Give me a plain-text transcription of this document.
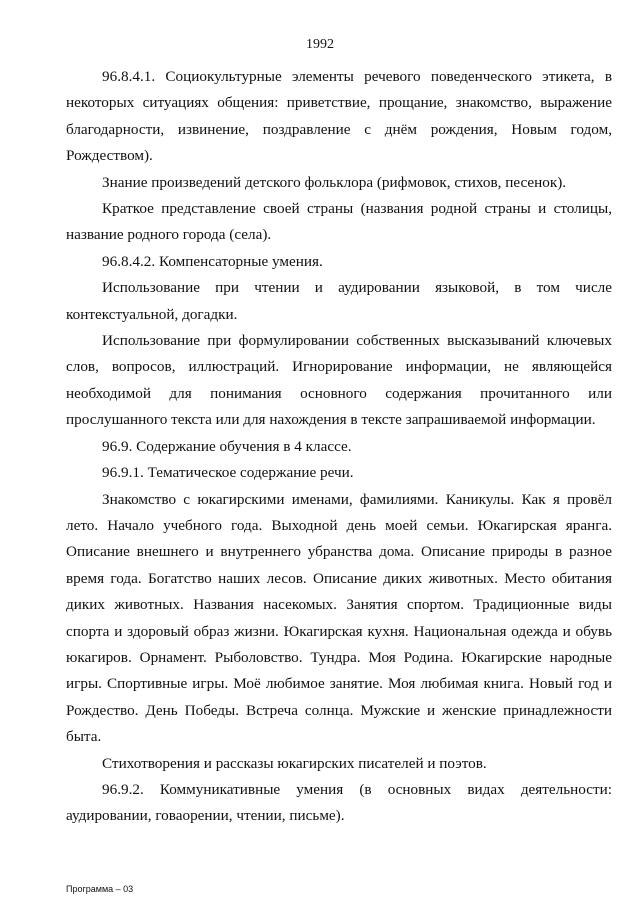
1992

96.8.4.1. Социокультурные элементы речевого поведенческого этикета, в некоторых ситуациях общения: приветствие, прощание, знакомство, выражение благодарности, извинение, поздравление с днём рождения, Новым годом, Рождеством).

Знание произведений детского фольклора (рифмовок, стихов, песенок).

Краткое представление своей страны (названия родной страны и столицы, название родного города (села).

96.8.4.2. Компенсаторные умения.

Использование при чтении и аудировании языковой, в том числе контекстуальной, догадки.

Использование при формулировании собственных высказываний ключевых слов, вопросов, иллюстраций. Игнорирование информации, не являющейся необходимой для понимания основного содержания прочитанного или прослушанного текста или для нахождения в тексте запрашиваемой информации.

96.9. Содержание обучения в 4 классе.

96.9.1. Тематическое содержание речи.

Знакомство с юкагирскими именами, фамилиями. Каникулы. Как я провёл лето. Начало учебного года. Выходной день моей семьи. Юкагирская яранга. Описание внешнего и внутреннего убранства дома. Описание природы в разное время года. Богатство наших лесов. Описание диких животных. Место обитания диких животных. Названия насекомых. Занятия спортом. Традиционные виды спорта и здоровый образ жизни. Юкагирская кухня. Национальная одежда и обувь юкагиров. Орнамент. Рыболовство. Тундра. Моя Родина. Юкагирские народные игры. Спортивные игры. Моё любимое занятие. Моя любимая книга. Новый год и Рождество. День Победы. Встреча солнца. Мужские и женские принадлежности быта.

Стихотворения и рассказы юкагирских писателей и поэтов.

96.9.2. Коммуникативные умения (в основных видах деятельности: аудировании, говаорении, чтении, письме).

Программа – 03
